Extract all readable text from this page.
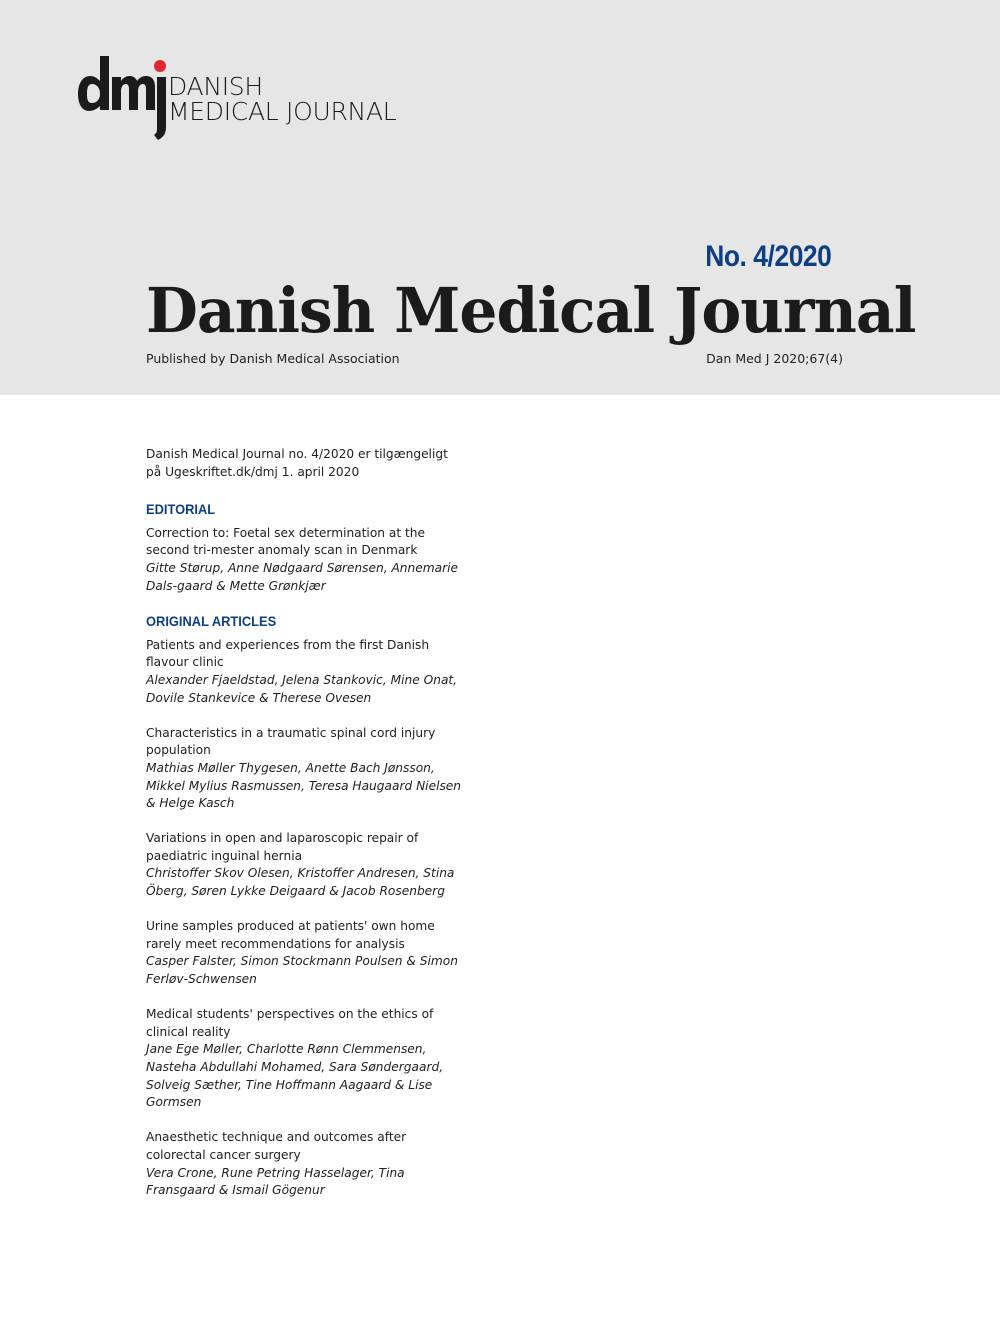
DANISH
MEDICAL JOURNAL
No. 4/2020
Danish Medical Journal
Published by Danish Medical Association	Dan Med J 2020;67(4)

Danish Medical Journal no. 4/2020 er tilgængeligt på Ugeskriftet.dk/dmj 1. april 2020

EDITORIAL
Correction to: Foetal sex determination at the second tri-mester anomaly scan in Denmark
Gitte Størup, Anne Nødgaard Sørensen, Annemarie Dals-gaard & Mette Grønkjær
ORIGINAL ARTICLES
Patients and experiences from the first Danish flavour clinic
Alexander Fjaeldstad, Jelena Stankovic, Mine Onat, Dovile Stankevice & Therese Ovesen
Characteristics in a traumatic spinal cord injury population
Mathias Møller Thygesen, Anette Bach Jønsson, Mikkel Mylius Rasmussen, Teresa Haugaard Nielsen & Helge Kasch
Variations in open and laparoscopic repair of paediatric inguinal hernia
Christoffer Skov Olesen, Kristoffer Andresen, Stina Öberg, Søren Lykke Deigaard & Jacob Rosenberg
Urine samples produced at patients' own home rarely meet recommendations for analysis
Casper Falster, Simon Stockmann Poulsen & Simon Ferløv-Schwensen
Medical students' perspectives on the ethics of clinical reality
Jane Ege Møller, Charlotte Rønn Clemmensen, Nasteha Abdullahi Mohamed, Sara Søndergaard, Solveig Sæther, Tine Hoffmann Aagaard & Lise Gormsen
Anaesthetic technique and outcomes after colorectal cancer surgery
Vera Crone, Rune Petring Hasselager, Tina Fransgaard & Ismail Gögenur
